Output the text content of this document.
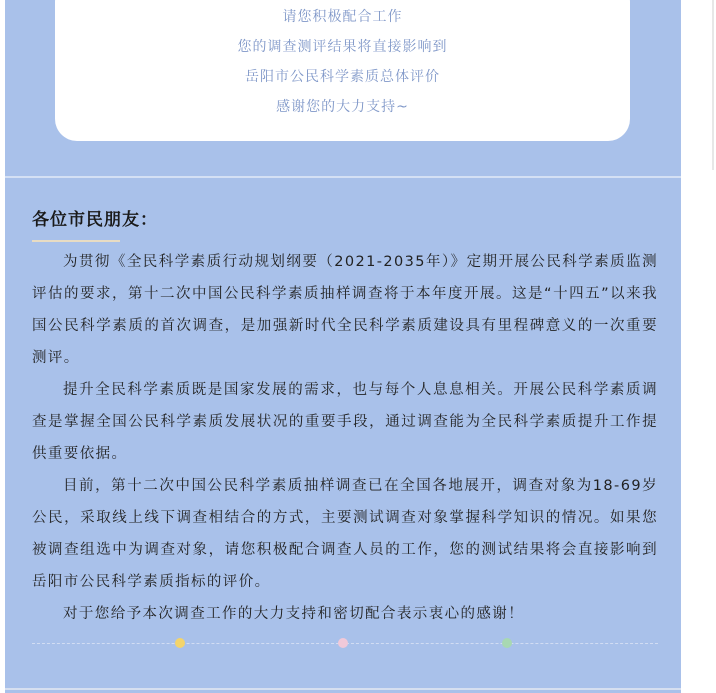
请您积极配合工作
您的调查测评结果将直接影响到
岳阳市公民科学素质总体评价
感谢您的大力支持~
各位市民朋友：

为贯彻《全民科学素质行动规划纲要（2021-2035年）》定期开展公民科学素质监测评估的要求，第十二次中国公民科学素质抽样调查将于本年度开展。这是“十四五”以来我国公民科学素质的首次调查，是加强新时代全民科学素质建设具有里程碑意义的一次重要测评。

提升全民科学素质既是国家发展的需求，也与每个人息息相关。开展公民科学素质调查是掌握全国公民科学素质发展状况的重要手段，通过调查能为全民科学素质提升工作提供重要依据。

目前，第十二次中国公民科学素质抽样调查已在全国各地展开，调查对象为18-69岁公民，采取线上线下调查相结合的方式，主要测试调查对象掌握科学知识的情况。如果您被调查组选中为调查对象，请您积极配合调查人员的工作，您的测试结果将会直接影响到岳阳市公民科学素质指标的评价。

对于您给予本次调查工作的大力支持和密切配合表示衷心的感谢！
